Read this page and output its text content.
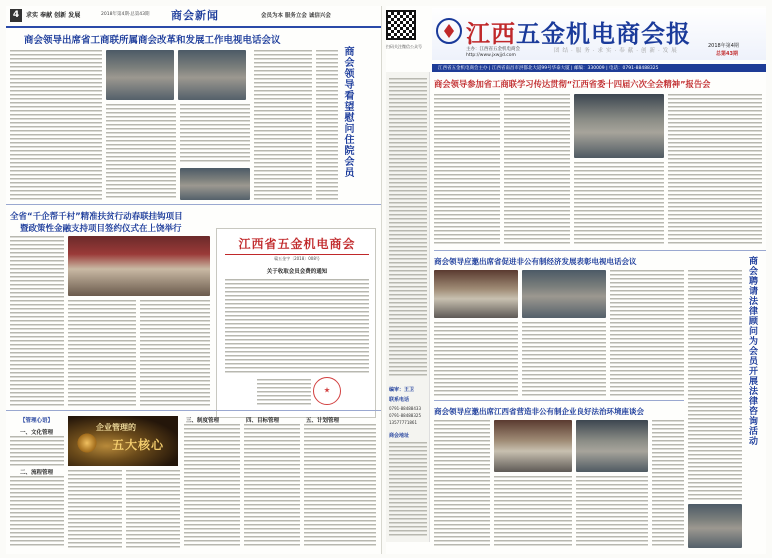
4	求实 奉献 创新 发展	2018年第4期·总第43期 商会新闻	会员为本 服务立会 诚信兴会
商会领导出席省工商联所属商会改革和发展工作电视电话会议
商会领导看望慰问住院会员
全省“千企帮千村”精准扶贫行动春联挂钩项目
暨政策性金融支持项目签约仪式在上饶举行
江西省五金机电商会
赣五金字〔2018〕008号
关于收取会员会费的通知
【管理心语】
一、文化管理
二、流程管理
企业管理的
五大核心
三、制度管理	四、目标管理	五、计划管理
扫码关注微信公众号 江西五金机电商会报
主办：江西省五金机电商会
http://www.jxwjjd.com
团结·服务·求实·奉献·创新·发展
2018年第4期
总第43期
江西省五金机电商会主办 | 江西省南昌市洪都北大道99号华泰大厦 | 邮编：330009 | 电话：0791-88488325
编审：王卫
联系电话
0791-88488433
0791-88488325
13577771861
商会地址
商会领导参加省工商联学习传达贯彻“江西省委十四届六次全会精神”报告会
商会领导应邀出席省促进非公有制经济发展表彰电视电话会议	商会聘请法律顾问为会员开展法律咨询活动
商会领导应邀出席江西省营造非公有制企业良好法治环境座谈会
